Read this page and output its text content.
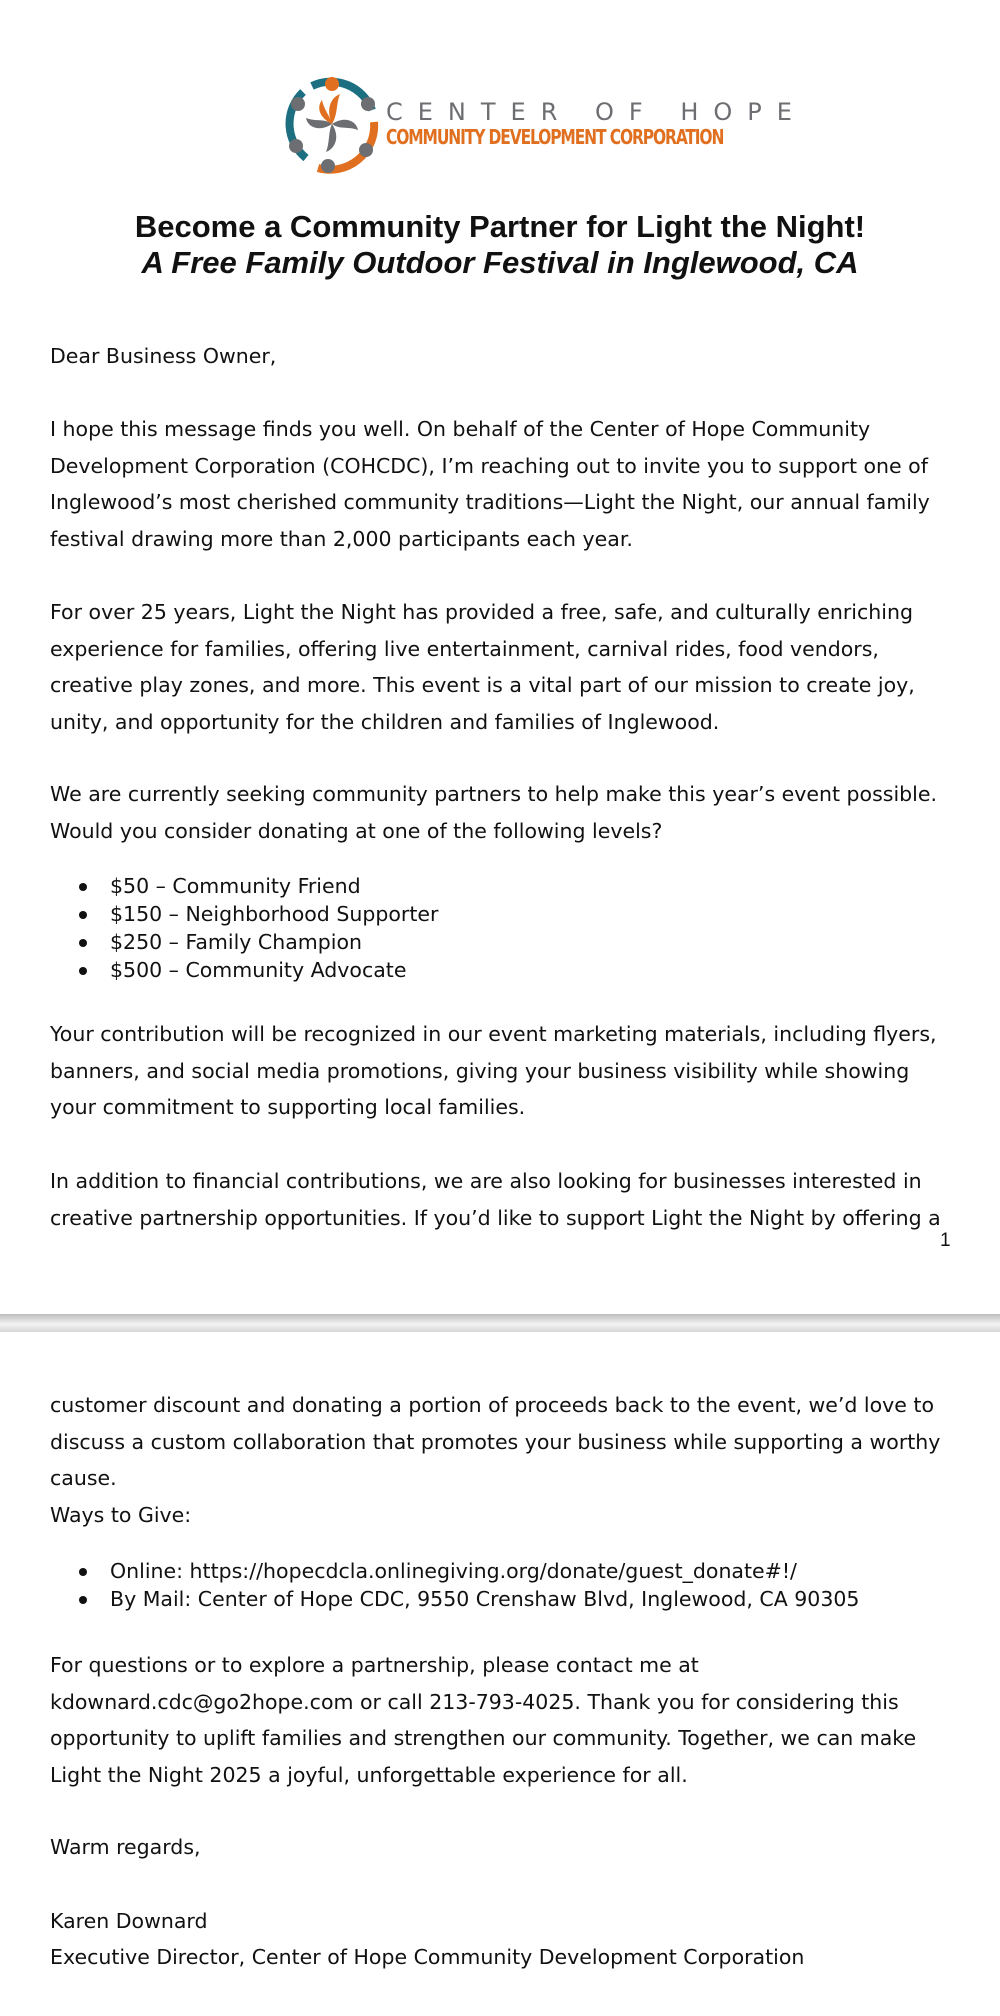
CENTER OF HOPE
COMMUNITY DEVELOPMENT CORPORATION
Become a Community Partner for Light the Night!
A Free Family Outdoor Festival in Inglewood, CA

Dear Business Owner,

I hope this message finds you well. On behalf of the Center of Hope Community Development Corporation (COHCDC), I’m reaching out to invite you to support one of Inglewood’s most cherished community traditions—Light the Night, our annual family festival drawing more than 2,000 participants each year.

For over 25 years, Light the Night has provided a free, safe, and culturally enriching experience for families, offering live entertainment, carnival rides, food vendors, creative play zones, and more. This event is a vital part of our mission to create joy, unity, and opportunity for the children and families of Inglewood.

We are currently seeking community partners to help make this year’s event possible. Would you consider donating at one of the following levels?

$50 – Community Friend
$150 – Neighborhood Supporter
$250 – Family Champion
$500 – Community Advocate

Your contribution will be recognized in our event marketing materials, including flyers, banners, and social media promotions, giving your business visibility while showing your commitment to supporting local families.

In addition to financial contributions, we are also looking for businesses interested in creative partnership opportunities. If you’d like to support Light the Night by offering a

1

customer discount and donating a portion of proceeds back to the event, we’d love to discuss a custom collaboration that promotes your business while supporting a worthy cause.

Ways to Give:

Online: https://hopecdcla.onlinegiving.org/donate/guest_donate#!/
By Mail: Center of Hope CDC, 9550 Crenshaw Blvd, Inglewood, CA 90305

For questions or to explore a partnership, please contact me at kdownard.cdc@go2hope.com or call 213-793-4025. Thank you for considering this opportunity to uplift families and strengthen our community. Together, we can make Light the Night 2025 a joyful, unforgettable experience for all.

Warm regards,

Karen Downard

Executive Director, Center of Hope Community Development Corporation
